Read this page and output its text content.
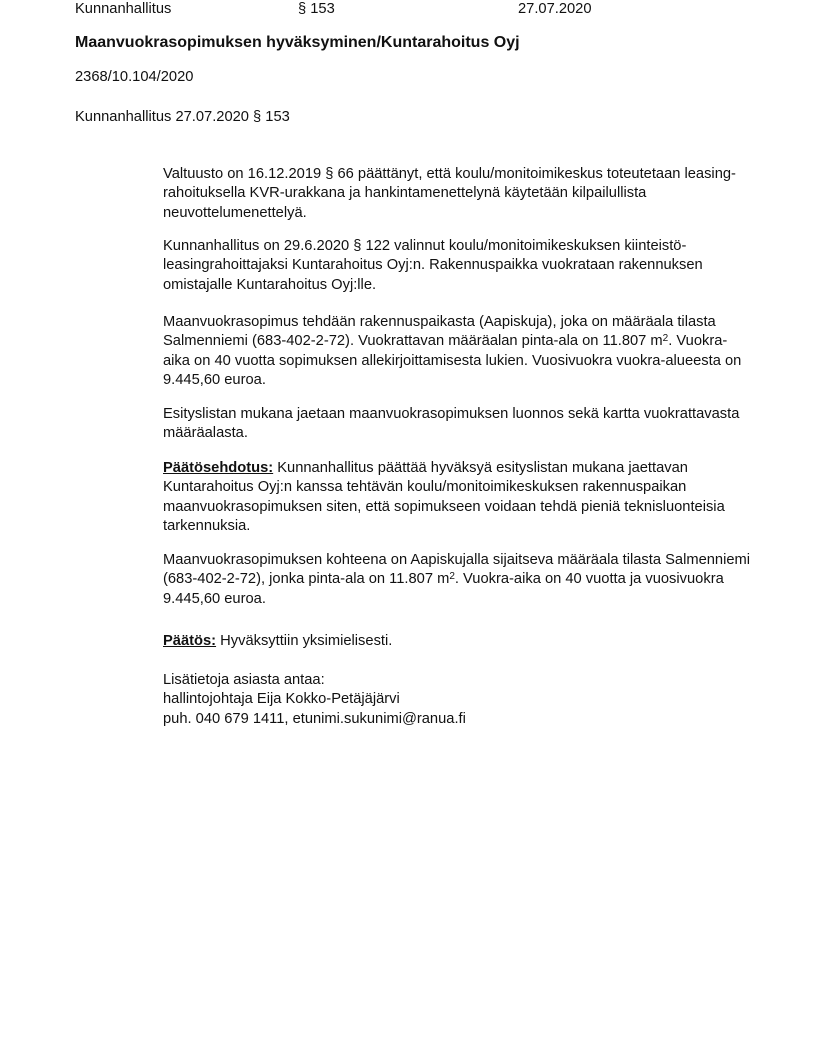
Kunnanhallitus	§ 153	27.07.2020
Maanvuokrasopimuksen hyväksyminen/Kuntarahoitus Oyj
2368/10.104/2020
Kunnanhallitus 27.07.2020 § 153

Valtuusto on 16.12.2019 § 66 päättänyt, että koulu/monitoimikeskus toteutetaan leasing-rahoituksella KVR-urakkana ja hankintamenettelynä käytetään kilpailullista neuvottelumenettelyä.

Kunnanhallitus on 29.6.2020 § 122 valinnut koulu/monitoimikeskuksen kiinteistö-leasingrahoittajaksi Kuntarahoitus Oyj:n. Rakennuspaikka vuokrataan rakennuksen omistajalle Kuntarahoitus Oyj:lle.

Maanvuokrasopimus tehdään rakennuspaikasta (Aapiskuja), joka on määräala tilasta Salmenniemi (683-402-2-72). Vuokrattavan määräalan pinta-ala on 11.807 $m^2$. Vuokra-aika on 40 vuotta sopimuksen allekirjoittamisesta lukien. Vuosivuokra vuokra-alueesta on 9.445,60 euroa.

Esityslistan mukana jaetaan maanvuokrasopimuksen luonnos sekä kartta vuokrattavasta määräalasta.

Päätösehdotus: Kunnanhallitus päättää hyväksyä esityslistan mukana jaettavan Kuntarahoitus Oyj:n kanssa tehtävän koulu/monitoimikeskuksen rakennuspaikan maanvuokrasopimuksen siten, että sopimukseen voidaan tehdä pieniä teknisluonteisia tarkennuksia.

Maanvuokrasopimuksen kohteena on Aapiskujalla sijaitseva määräala tilasta Salmenniemi (683-402-2-72), jonka pinta-ala on 11.807 $m^2$. Vuokra-aika on 40 vuotta ja vuosivuokra 9.445,60 euroa.

Päätös: Hyväksyttiin yksimielisesti.

Lisätietoja asiasta antaa:
hallintojohtaja Eija Kokko-Petäjäjärvi
puh. 040 679 1411, etunimi.sukunimi@ranua.fi
